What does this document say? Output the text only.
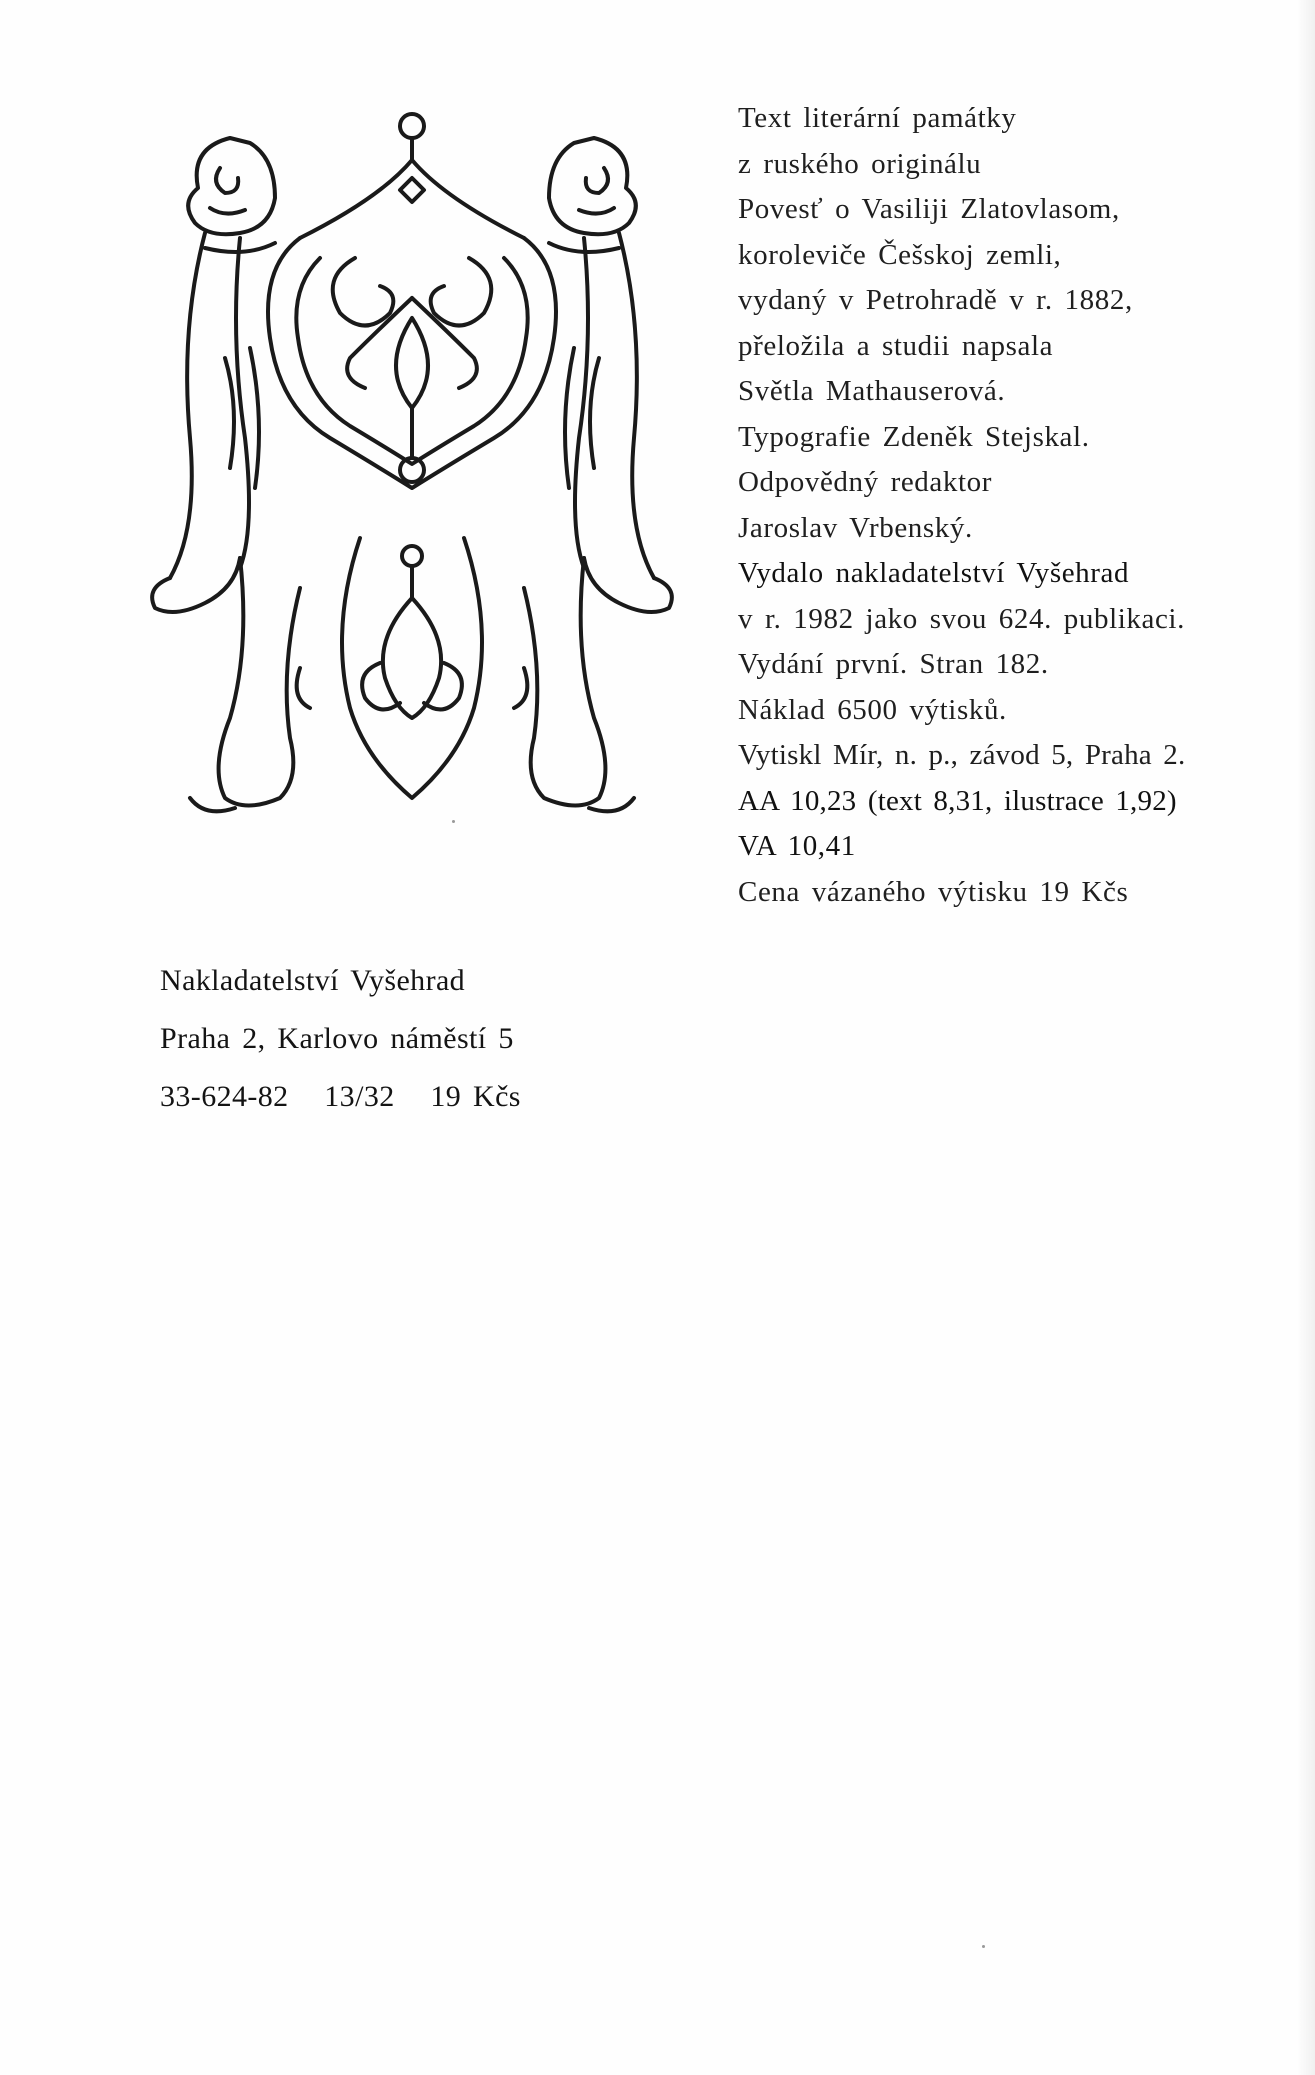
Text literární památky
z ruského originálu
Povesť o Vasiliji Zlatovlasom,
koroleviče Češskoj zemli,
vydaný v Petrohradě v r. 1882,
přeložila a studii napsala
Světla Mathauserová.
Typografie Zdeněk Stejskal.
Odpovědný redaktor
Jaroslav Vrbenský.
Vydalo nakladatelství Vyšehrad
v r. 1982 jako svou 624. publikaci.
Vydání první. Stran 182.
Náklad 6500 výtisků.
Vytiskl Mír, n. p., závod 5, Praha 2.
AA 10,23 (text 8,31, ilustrace 1,92)
VA 10,41
Cena vázaného výtisku 19 Kčs
Nakladatelství Vyšehrad
Praha 2, Karlovo náměstí 5
33-624-82   13/32   19 Kčs
